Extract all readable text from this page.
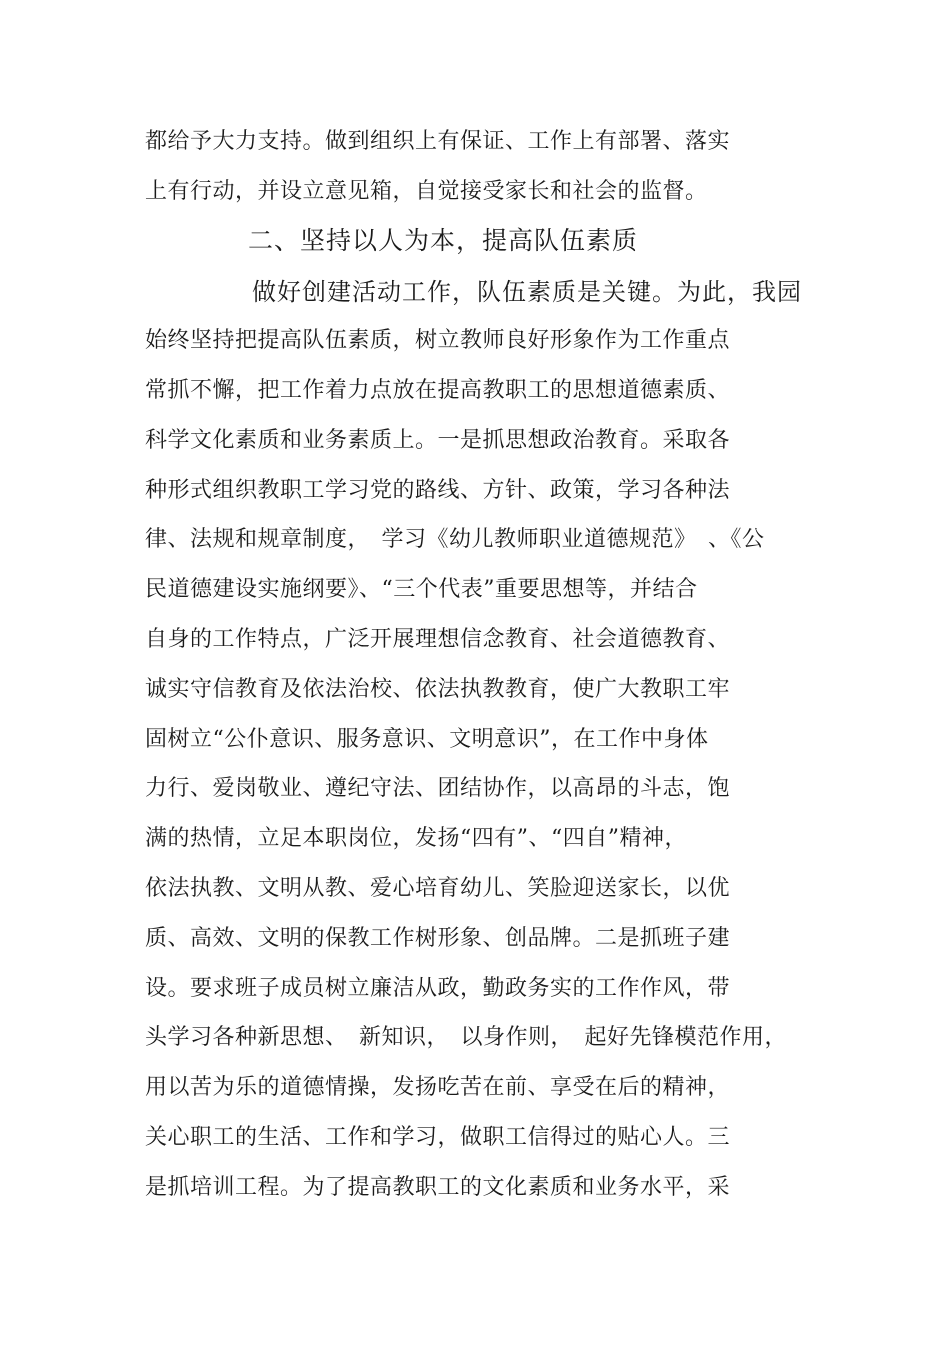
都给予大力支持。做到组织上有保证、工作上有部署、落实
上有行动，并设立意见箱，自觉接受家长和社会的监督。
二、坚持以人为本，提高队伍素质
做好创建活动工作，队伍素质是关键。为此，我园
始终坚持把提高队伍素质，树立教师良好形象作为工作重点
常抓不懈，把工作着力点放在提高教职工的思想道德素质、
科学文化素质和业务素质上。一是抓思想政治教育。采取各
种形式组织教职工学习党的路线、方针、政策，学习各种法
律、法规和规章制度，　学习《幼儿教师职业道德规范》　、《公
民道德建设实施纲要》、“三个代表”重要思想等，并结合
自身的工作特点，广泛开展理想信念教育、社会道德教育、
诚实守信教育及依法治校、依法执教教育，使广大教职工牢
固树立“公仆意识、服务意识、文明意识”，在工作中身体
力行、爱岗敬业、遵纪守法、团结协作，以高昂的斗志，饱
满的热情，立足本职岗位，发扬“四有”、“四自”精神，
依法执教、文明从教、爱心培育幼儿、笑脸迎送家长，以优
质、高效、文明的保教工作树形象、创品牌。二是抓班子建
设。要求班子成员树立廉洁从政，勤政务实的工作作风，带
头学习各种新思想、　新知识，　以身作则，　起好先锋模范作用，
用以苦为乐的道德情操，发扬吃苦在前、享受在后的精神，
关心职工的生活、工作和学习，做职工信得过的贴心人。三
是抓培训工程。为了提高教职工的文化素质和业务水平，采
